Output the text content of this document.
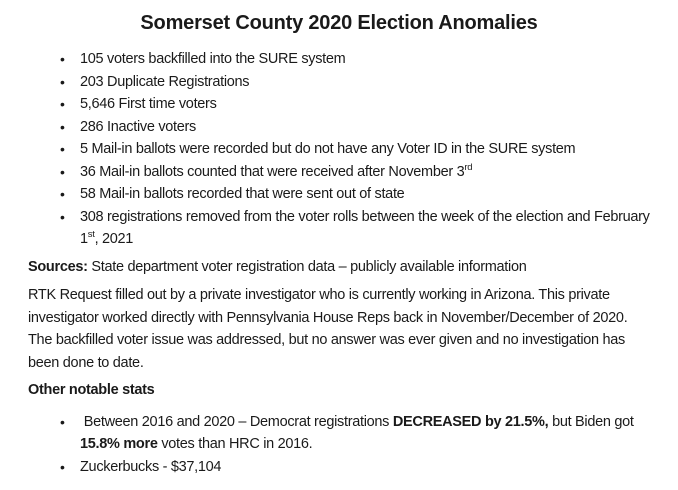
Somerset County 2020 Election Anomalies
•	105 voters backfilled into the SURE system
•	203 Duplicate Registrations
•	5,646 First time voters
•	286 Inactive voters
•	5 Mail-in ballots were recorded but do not have any Voter ID in the SURE system
•	36 Mail-in ballots counted that were received after November 3rd
•	58 Mail-in ballots recorded that were sent out of state
•	308 registrations removed from the voter rolls between the week of the election and February 1st, 2021
Sources: State department voter registration data – publicly available information
RTK Request filled out by a private investigator who is currently working in Arizona. This private investigator worked directly with Pennsylvania House Reps back in November/December of 2020. The backfilled voter issue was addressed, but no answer was ever given and no investigation has been done to date.
Other notable stats
•	Between 2016 and 2020 – Democrat registrations DECREASED by 21.5%, but Biden got 15.8% more votes than HRC in 2016.
•	Zuckerbucks - $37,104
